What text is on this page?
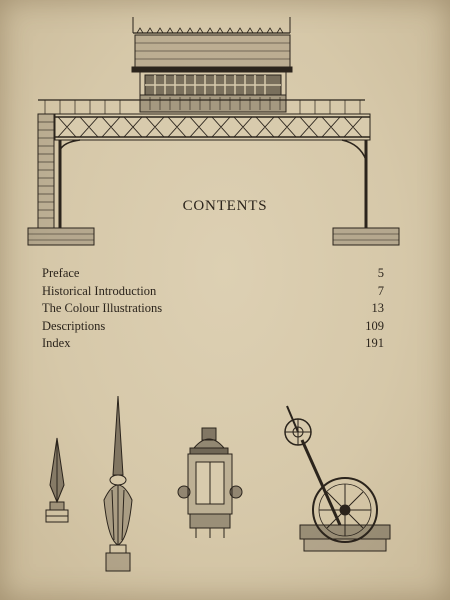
CONTENTS
Preface	5
Historical Introduction	7
The Colour Illustrations	13
Descriptions	109
Index	191
